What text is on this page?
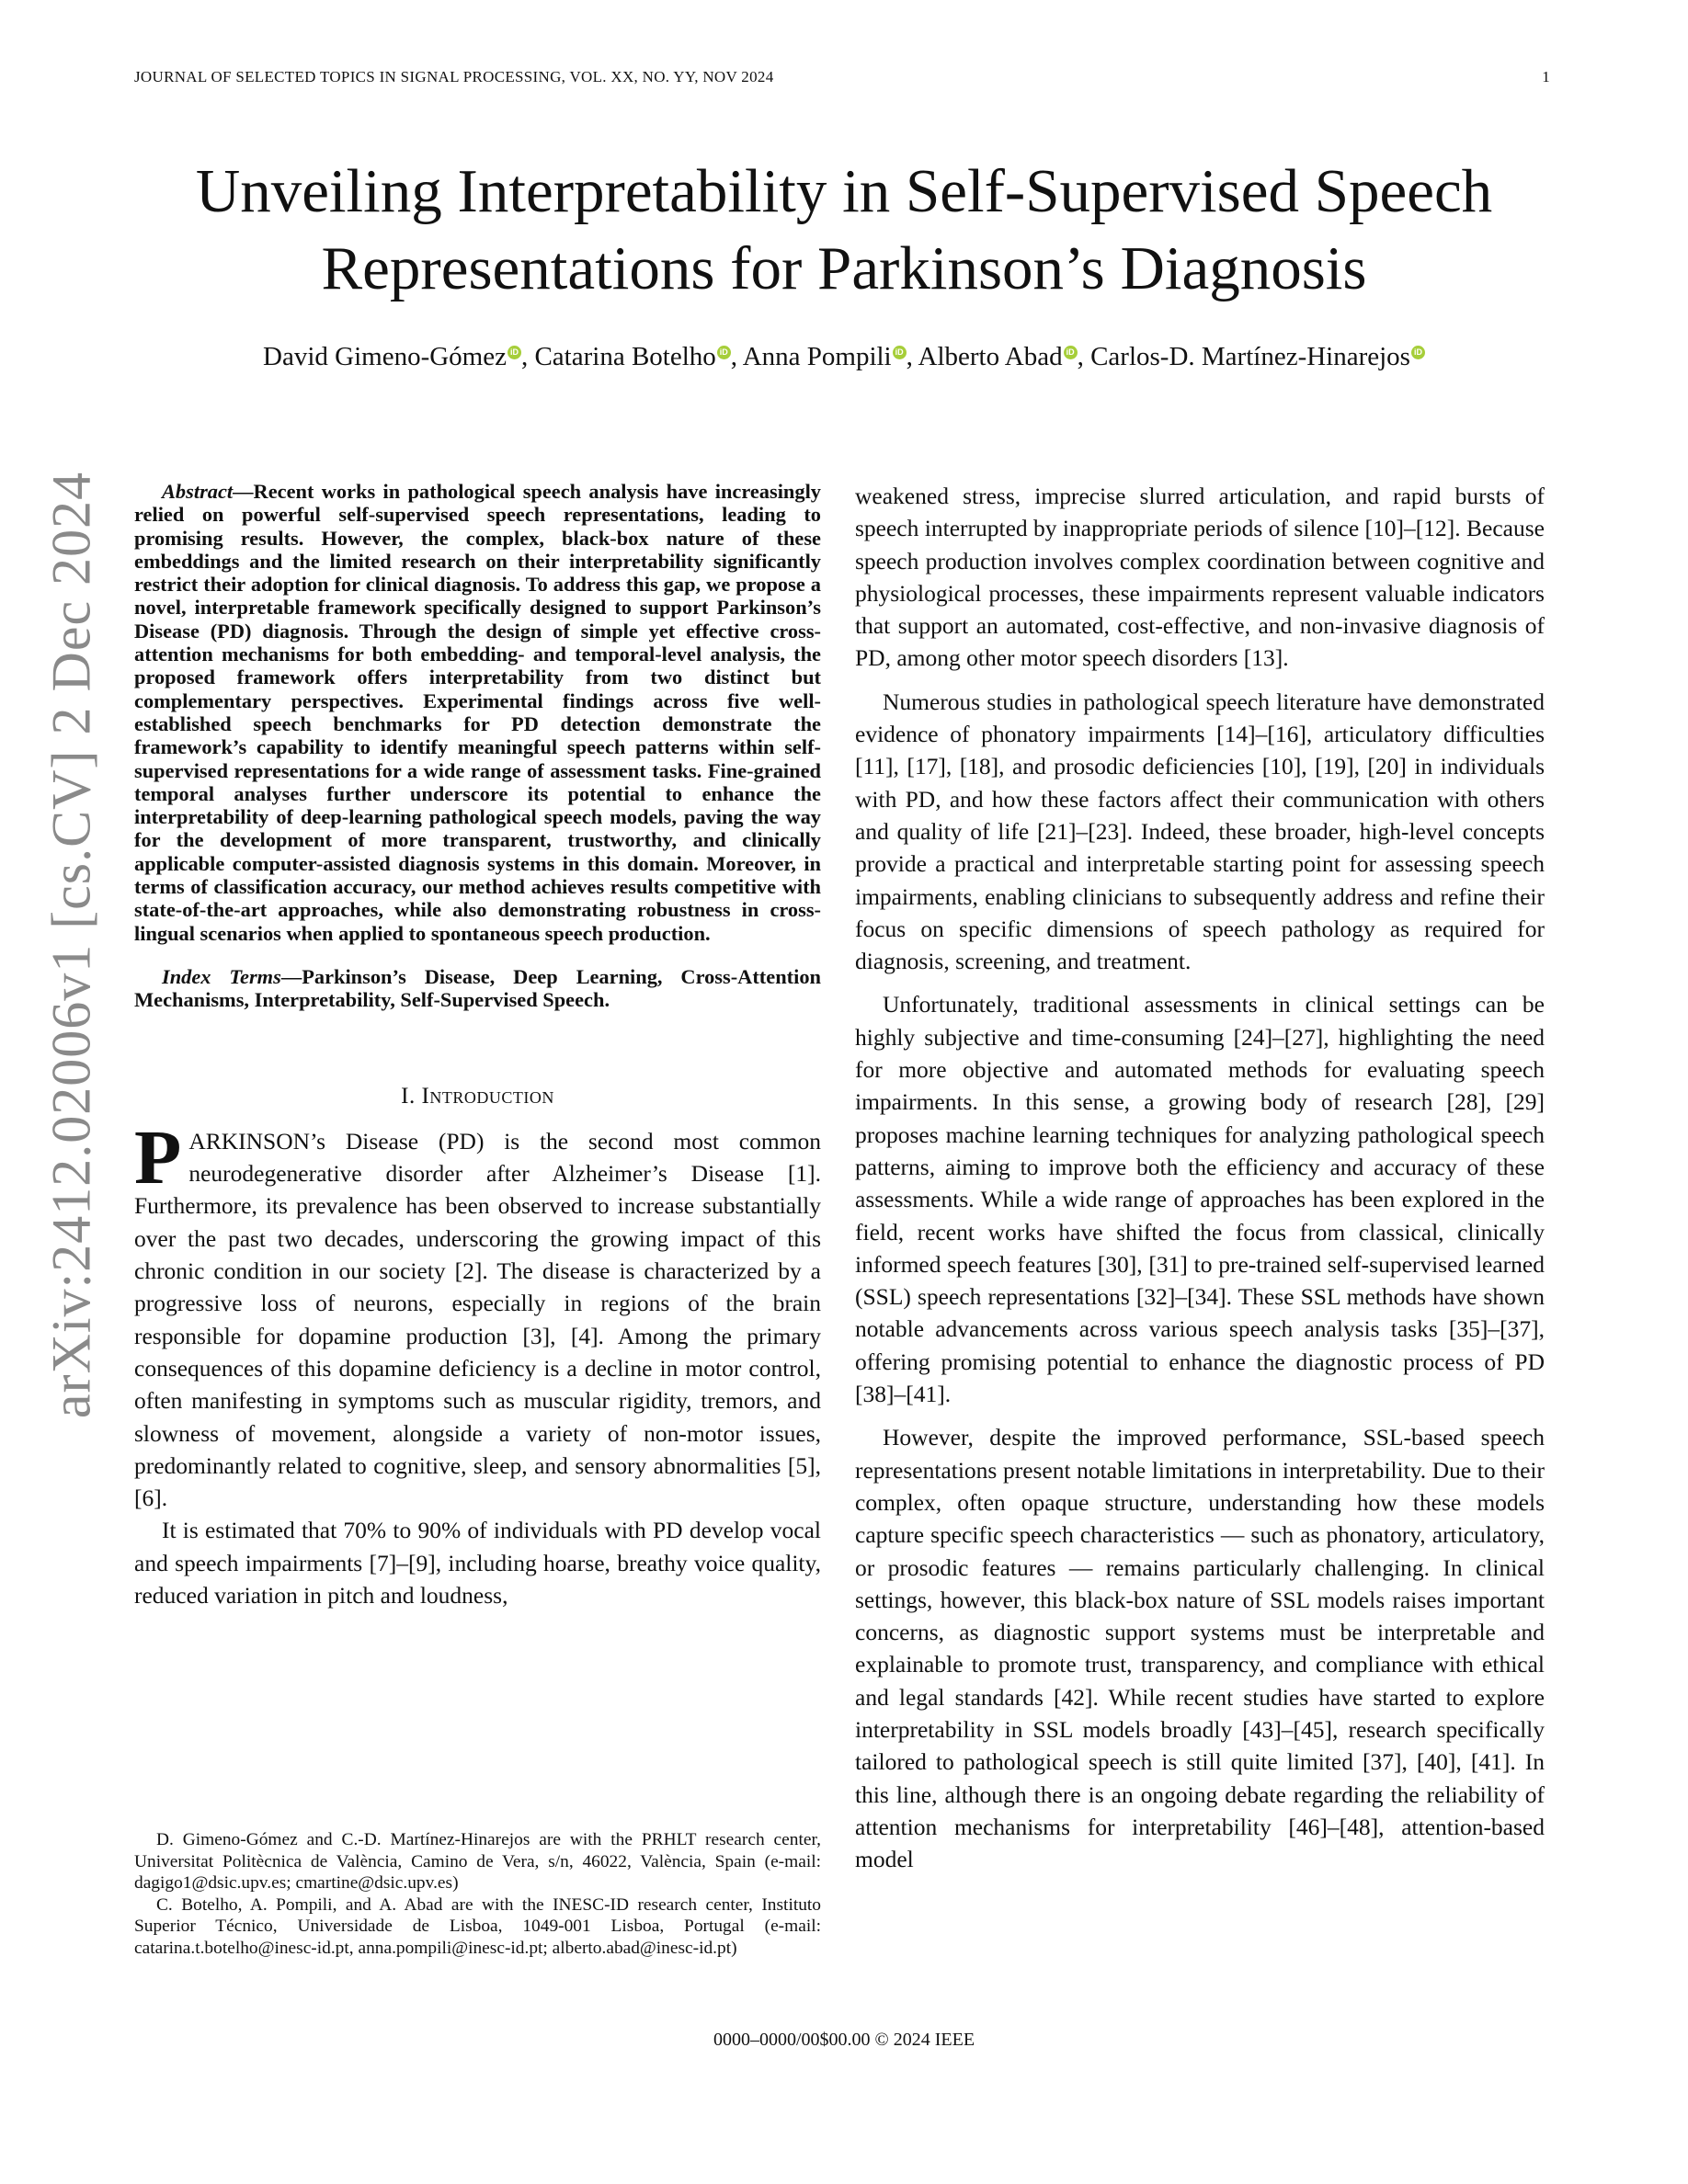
JOURNAL OF SELECTED TOPICS IN SIGNAL PROCESSING, VOL. XX, NO. YY, NOV 2024	1
arXiv:2412.02006v1 [cs.CV] 2 Dec 2024
Unveiling Interpretability in Self-Supervised Speech
Representations for Parkinson’s Diagnosis
David Gimeno-Gómez iD , Catarina Botelho iD , Anna Pompili iD , Alberto Abad iD , Carlos-D. Martínez-Hinarejos iD

Abstract—Recent works in pathological speech analysis have increasingly relied on powerful self-supervised speech representations, leading to promising results. However, the complex, black-box nature of these embeddings and the limited research on their interpretability significantly restrict their adoption for clinical diagnosis. To address this gap, we propose a novel, interpretable framework specifically designed to support Parkinson’s Disease (PD) diagnosis. Through the design of simple yet effective cross-attention mechanisms for both embedding- and temporal-level analysis, the proposed framework offers interpretability from two distinct but complementary perspectives. Experimental findings across five well-established speech benchmarks for PD detection demonstrate the framework’s capability to identify meaningful speech patterns within self-supervised representations for a wide range of assessment tasks. Fine-grained temporal analyses further underscore its potential to enhance the interpretability of deep-learning pathological speech models, paving the way for the development of more transparent, trustworthy, and clinically applicable computer-assisted diagnosis systems in this domain. Moreover, in terms of classification accuracy, our method achieves results competitive with state-of-the-art approaches, while also demonstrating robustness in cross-lingual scenarios when applied to spontaneous speech production.

Index Terms—Parkinson’s Disease, Deep Learning, Cross-Attention Mechanisms, Interpretability, Self-Supervised Speech.

I. Introduction

PARKINSON’s Disease (PD) is the second most common neurodegenerative disorder after Alzheimer’s Disease [1]. Furthermore, its prevalence has been observed to increase substantially over the past two decades, underscoring the growing impact of this chronic condition in our society [2]. The disease is characterized by a progressive loss of neurons, especially in regions of the brain responsible for dopamine production [3], [4]. Among the primary consequences of this dopamine deficiency is a decline in motor control, often manifesting in symptoms such as muscular rigidity, tremors, and slowness of movement, alongside a variety of non-motor issues, predominantly related to cognitive, sleep, and sensory abnormalities [5], [6].

It is estimated that 70% to 90% of individuals with PD develop vocal and speech impairments [7]–[9], including hoarse, breathy voice quality, reduced variation in pitch and loudness,

weakened stress, imprecise slurred articulation, and rapid bursts of speech interrupted by inappropriate periods of silence [10]–[12]. Because speech production involves complex coordination between cognitive and physiological processes, these impairments represent valuable indicators that support an automated, cost-effective, and non-invasive diagnosis of PD, among other motor speech disorders [13].

Numerous studies in pathological speech literature have demonstrated evidence of phonatory impairments [14]–[16], articulatory difficulties [11], [17], [18], and prosodic deficiencies [10], [19], [20] in individuals with PD, and how these factors affect their communication with others and quality of life [21]–[23]. Indeed, these broader, high-level concepts provide a practical and interpretable starting point for assessing speech impairments, enabling clinicians to subsequently address and refine their focus on specific dimensions of speech pathology as required for diagnosis, screening, and treatment.

Unfortunately, traditional assessments in clinical settings can be highly subjective and time-consuming [24]–[27], highlighting the need for more objective and automated methods for evaluating speech impairments. In this sense, a growing body of research [28], [29] proposes machine learning techniques for analyzing pathological speech patterns, aiming to improve both the efficiency and accuracy of these assessments. While a wide range of approaches has been explored in the field, recent works have shifted the focus from classical, clinically informed speech features [30], [31] to pre-trained self-supervised learned (SSL) speech representations [32]–[34]. These SSL methods have shown notable advancements across various speech analysis tasks [35]–[37], offering promising potential to enhance the diagnostic process of PD [38]–[41].

However, despite the improved performance, SSL-based speech representations present notable limitations in interpretability. Due to their complex, often opaque structure, understanding how these models capture specific speech characteristics — such as phonatory, articulatory, or prosodic features — remains particularly challenging. In clinical settings, however, this black-box nature of SSL models raises important concerns, as diagnostic support systems must be interpretable and explainable to promote trust, transparency, and compliance with ethical and legal standards [42]. While recent studies have started to explore interpretability in SSL models broadly [43]–[45], research specifically tailored to pathological speech is still quite limited [37], [40], [41]. In this line, although there is an ongoing debate regarding the reliability of attention mechanisms for interpretability [46]–[48], attention-based model

D. Gimeno-Gómez and C.-D. Martínez-Hinarejos are with the PRHLT research center, Universitat Politècnica de València, Camino de Vera, s/n, 46022, València, Spain (e-mail: dagigo1@dsic.upv.es; cmartine@dsic.upv.es)

C. Botelho, A. Pompili, and A. Abad are with the INESC-ID research center, Instituto Superior Técnico, Universidade de Lisboa, 1049-001 Lisboa, Portugal (e-mail: catarina.t.botelho@inesc-id.pt, anna.pompili@inesc-id.pt; alberto.abad@inesc-id.pt)

0000–0000/00$00.00 © 2024 IEEE
